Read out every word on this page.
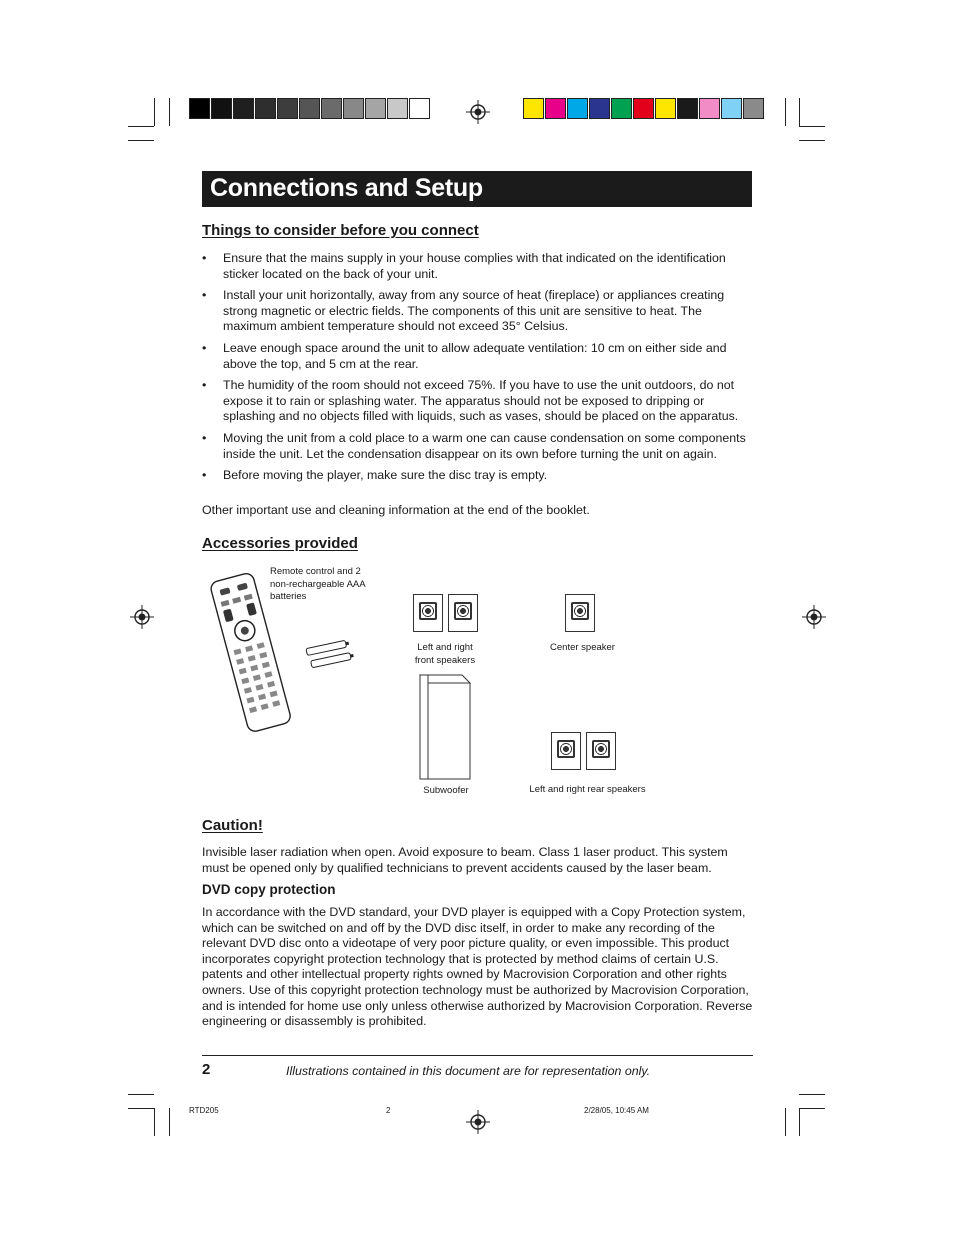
Connections and Setup
Things to consider before you connect
• Ensure that the mains supply in your house complies with that indicated on the identification sticker located on the back of your unit.
• Install your unit horizontally, away from any source of heat (fireplace) or appliances creating strong magnetic or electric fields. The components of this unit are sensitive to heat. The maximum ambient temperature should not exceed 35° Celsius.
• Leave enough space around the unit to allow adequate ventilation: 10 cm on either side and above the top, and 5 cm at the rear.
• The humidity of the room should not exceed 75%. If you have to use the unit outdoors, do not expose it to rain or splashing water. The apparatus should not be exposed to dripping or splashing and no objects filled with liquids, such as vases, should be placed on the apparatus.
• Moving the unit from a cold place to a warm one can cause condensation on some components inside the unit. Let the condensation disappear on its own before turning the unit on again.
• Before moving the player, make sure the disc tray is empty.
Other important use and cleaning information at the end of the booklet.
Accessories provided
Remote control and 2
non-rechargeable AAA
batteries
Left and right
front speakers
Center speaker
Subwoofer	Left and right rear speakers
Caution!
Invisible laser radiation when open. Avoid exposure to beam. Class 1 laser product. This system must be opened only by qualified technicians to prevent accidents caused by the laser beam.
DVD copy protection
In accordance with the DVD standard, your DVD player is equipped with a Copy Protection system, which can be switched on and off by the DVD disc itself, in order to make any recording of the relevant DVD disc onto a videotape of very poor picture quality, or even impossible. This product incorporates copyright protection technology that is protected by method claims of certain U.S. patents and other intellectual property rights owned by Macrovision Corporation and other rights owners. Use of this copyright protection technology must be authorized by Macrovision Corporation, and is intended for home use only unless otherwise authorized by Macrovision Corporation. Reverse engineering or disassembly is prohibited.
2	Illustrations contained in this document are for representation only.
RTD205	2	2/28/05, 10:45 AM
